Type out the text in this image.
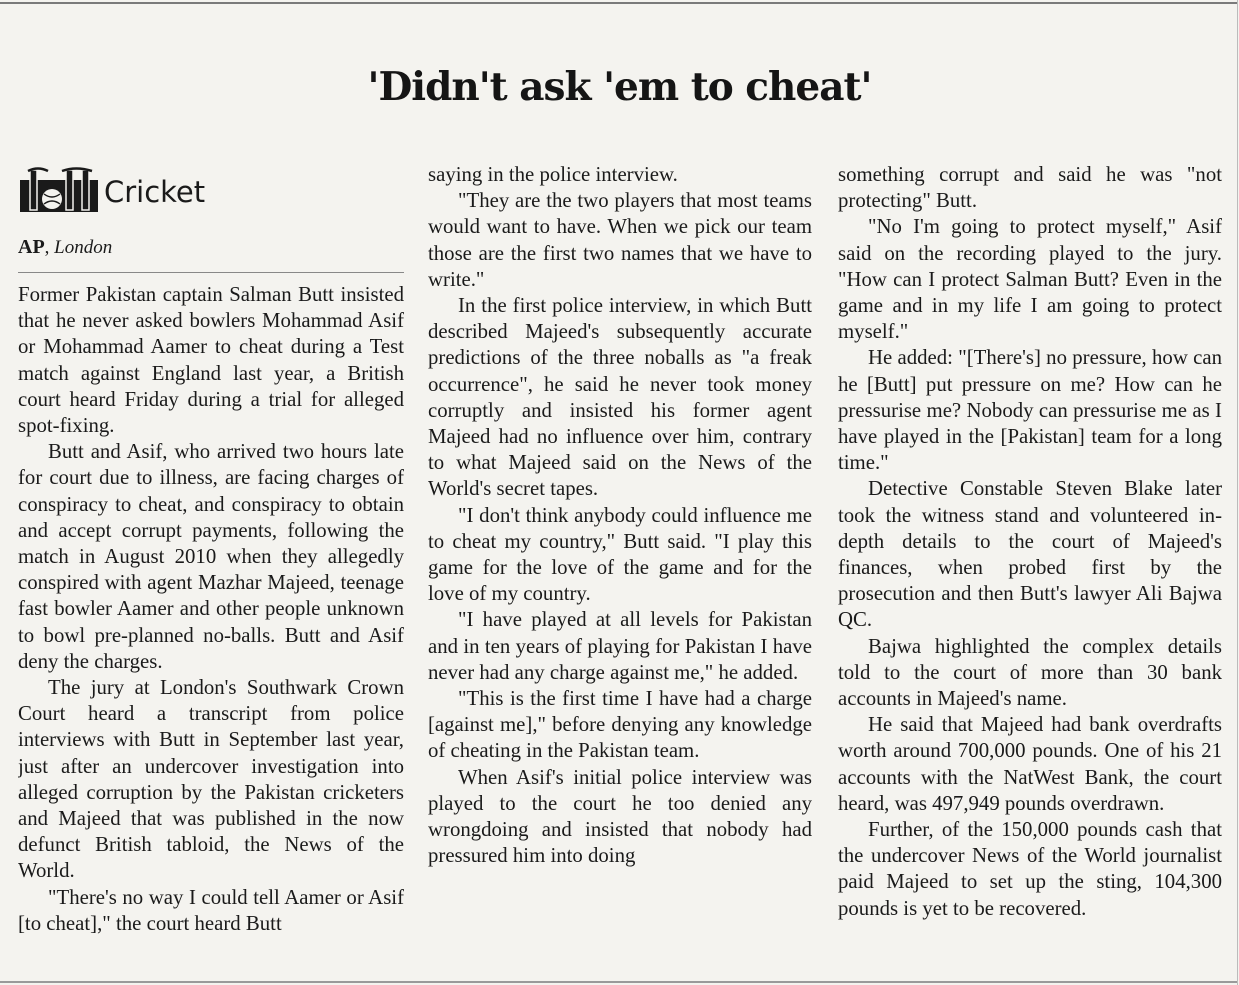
'Didn't ask 'em to cheat'
Cricket
AP, London

Former Pakistan captain Salman Butt insisted that he never asked bowlers Mohammad Asif or Mohammad Aamer to cheat during a Test match against England last year, a British court heard Friday during a trial for alleged spot-fixing.

Butt and Asif, who arrived two hours late for court due to illness, are facing charges of conspiracy to cheat, and conspiracy to obtain and accept corrupt payments, following the match in August 2010 when they allegedly conspired with agent Mazhar Majeed, teenage fast bowler Aamer and other people unknown to bowl pre-planned no-balls. Butt and Asif deny the charges.

The jury at London's Southwark Crown Court heard a transcript from police interviews with Butt in September last year, just after an undercover investigation into alleged corruption by the Pakistan cricketers and Majeed that was published in the now defunct British tabloid, the News of the World.

"There's no way I could tell Aamer or Asif [to cheat]," the court heard Butt

saying in the police interview.

"They are the two players that most teams would want to have. When we pick our team those are the first two names that we have to write."

In the first police interview, in which Butt described Majeed's subsequently accurate predictions of the three noballs as "a freak occurrence", he said he never took money corruptly and insisted his former agent Majeed had no influence over him, contrary to what Majeed said on the News of the World's secret tapes.

"I don't think anybody could influence me to cheat my country," Butt said. "I play this game for the love of the game and for the love of my country.

"I have played at all levels for Pakistan and in ten years of playing for Pakistan I have never had any charge against me," he added.

"This is the first time I have had a charge [against me]," before denying any knowledge of cheating in the Pakistan team.

When Asif's initial police interview was played to the court he too denied any wrongdoing and insisted that nobody had pressured him into doing

something corrupt and said he was "not protecting" Butt.

"No I'm going to protect myself," Asif said on the recording played to the jury. "How can I protect Salman Butt? Even in the game and in my life I am going to protect myself."

He added: "[There's] no pressure, how can he [Butt] put pressure on me? How can he pressurise me? Nobody can pressurise me as I have played in the [Pakistan] team for a long time."

Detective Constable Steven Blake later took the witness stand and volunteered in-depth details to the court of Majeed's finances, when probed first by the prosecution and then Butt's lawyer Ali Bajwa QC.

Bajwa highlighted the complex details told to the court of more than 30 bank accounts in Majeed's name.

He said that Majeed had bank overdrafts worth around 700,000 pounds. One of his 21 accounts with the NatWest Bank, the court heard, was 497,949 pounds overdrawn.

Further, of the 150,000 pounds cash that the undercover News of the World journalist paid Majeed to set up the sting, 104,300 pounds is yet to be recovered.
